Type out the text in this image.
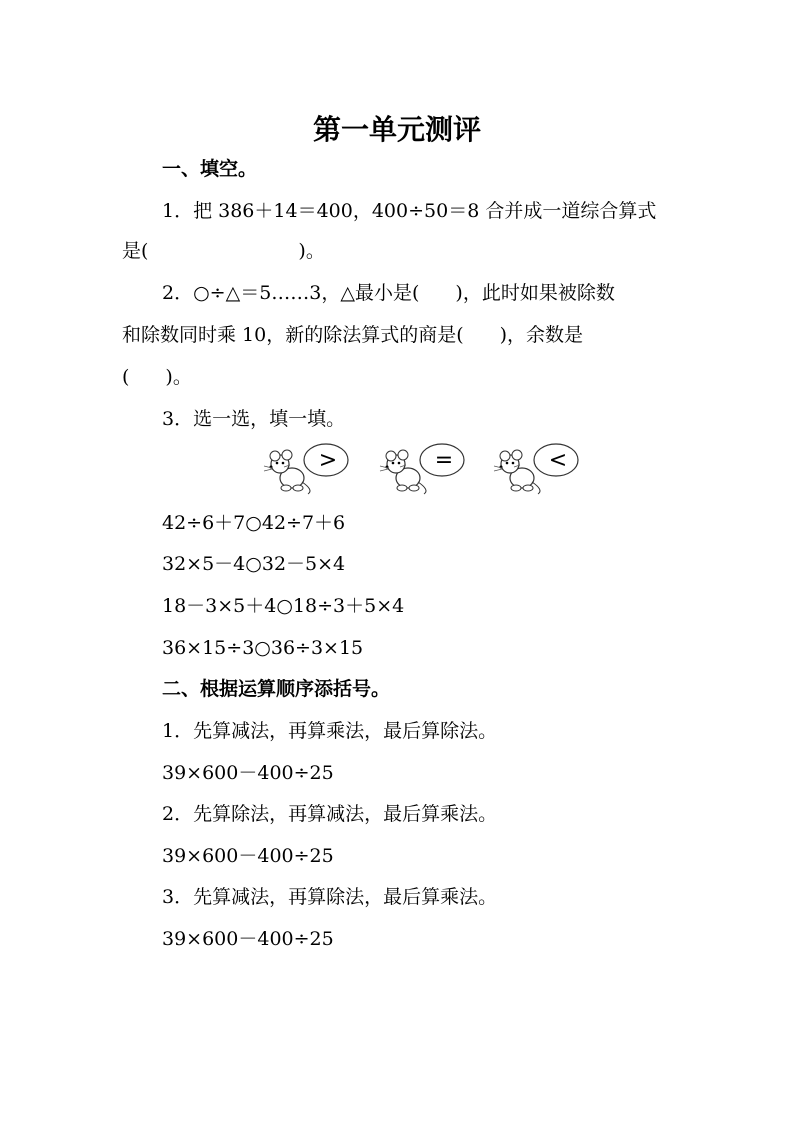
第一单元测评
一、填空。
1．把 386＋14＝400，400÷50＝8 合并成一道综合算式
是(	)。
2．○÷△＝5……3，△最小是( )，此时如果被除数
和除数同时乘 10，新的除法算式的商是( )，余数是
( )。
3．选一选，填一填。
>	=	<
42÷6＋7○42÷7＋6
32×5－4○32－5×4
18－3×5＋4○18÷3＋5×4
36×15÷3○36÷3×15
二、根据运算顺序添括号。
1．先算减法，再算乘法，最后算除法。
39×600－400÷25
2．先算除法，再算减法，最后算乘法。
39×600－400÷25
3．先算减法，再算除法，最后算乘法。
39×600－400÷25
